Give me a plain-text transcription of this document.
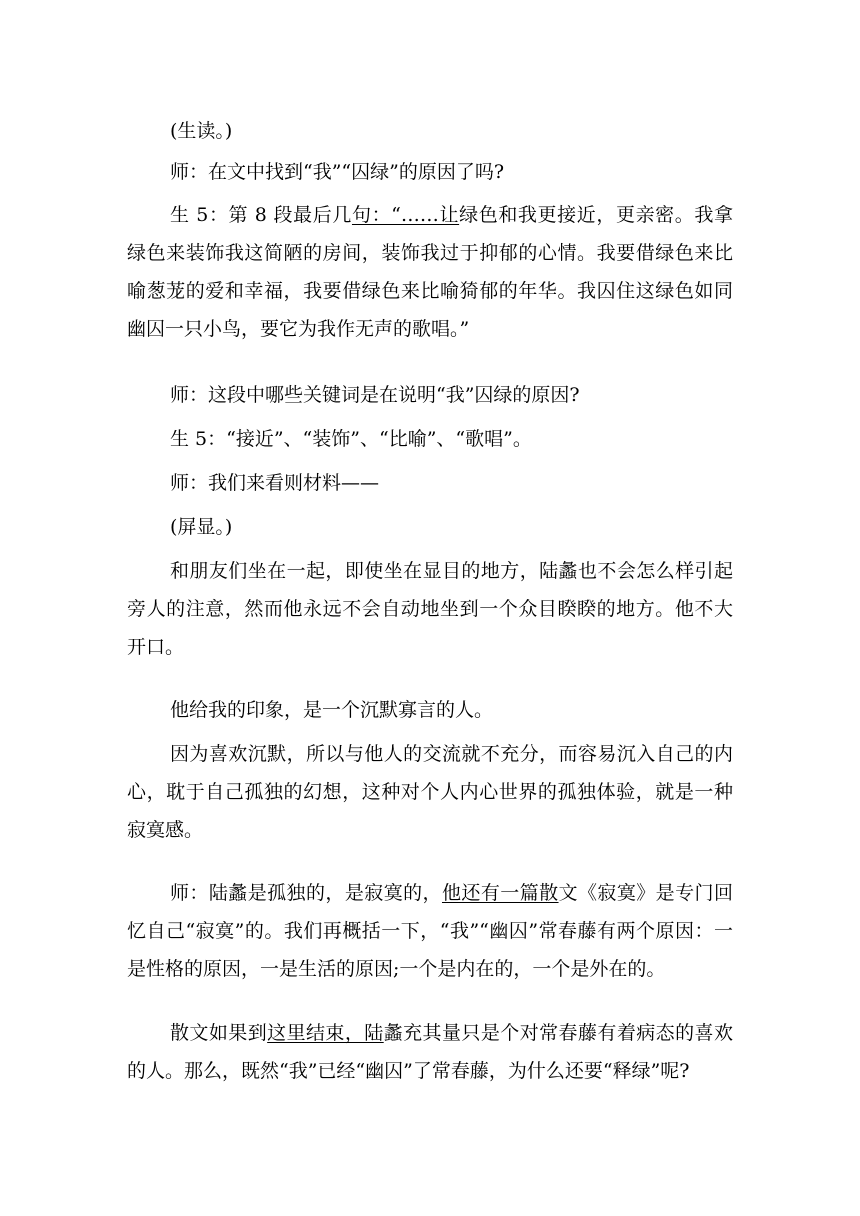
(生读。)

师：在文中找到“我”“囚绿”的原因了吗?

生 5：第 8 段最后几句：“……让绿色和我更接近，更亲密。我拿绿色来装饰我这简陋的房间，装饰我过于抑郁的心情。我要借绿色来比喻葱茏的爱和幸福，我要借绿色来比喻猗郁的年华。我囚住这绿色如同幽囚一只小鸟，要它为我作无声的歌唱。”

师：这段中哪些关键词是在说明“我”囚绿的原因?

生 5：“接近”、“装饰”、“比喻”、“歌唱”。

师：我们来看则材料——

(屏显。)

和朋友们坐在一起，即使坐在显目的地方，陆蠡也不会怎么样引起旁人的注意，然而他永远不会自动地坐到一个众目睽睽的地方。他不大开口。

他给我的印象，是一个沉默寡言的人。

因为喜欢沉默，所以与他人的交流就不充分，而容易沉入自己的内心，耽于自己孤独的幻想，这种对个人内心世界的孤独体验，就是一种寂寞感。

师：陆蠡是孤独的，是寂寞的，他还有一篇散文《寂寞》是专门回忆自己“寂寞”的。我们再概括一下，“我”“幽囚”常春藤有两个原因：一是性格的原因，一是生活的原因;一个是内在的，一个是外在的。

散文如果到这里结束，陆蠡充其量只是个对常春藤有着病态的喜欢的人。那么，既然“我”已经“幽囚”了常春藤，为什么还要“释绿”呢?
